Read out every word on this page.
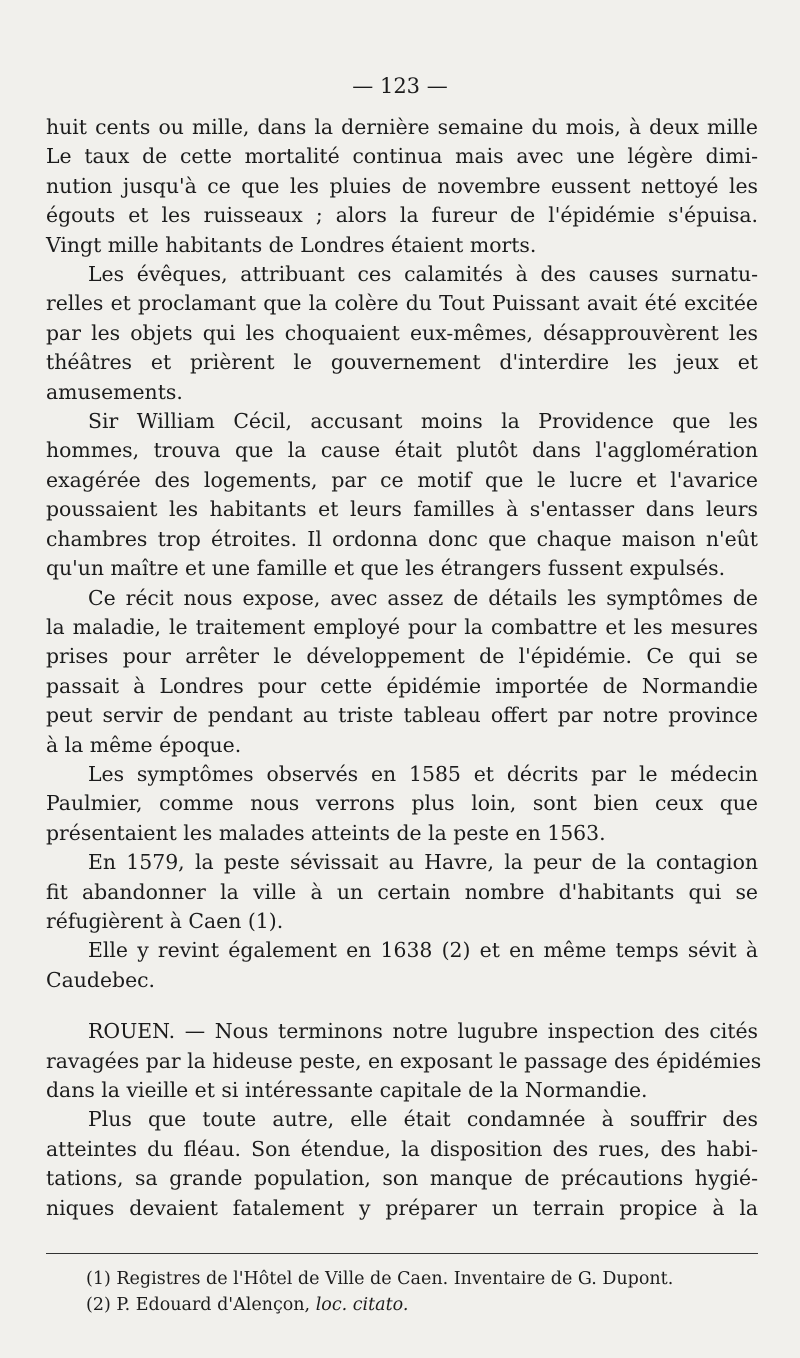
— 123 —

huit cents ou mille, dans la dernière semaine du mois, à deux mille
Le taux de cette mortalité continua mais avec une légère dimi-
nution jusqu'à ce que les pluies de novembre eussent nettoyé les
égouts et les ruisseaux ; alors la fureur de l'épidémie s'épuisa.
Vingt mille habitants de Londres étaient morts.

Les évêques, attribuant ces calamités à des causes surnatu-
relles et proclamant que la colère du Tout Puissant avait été excitée
par les objets qui les choquaient eux-mêmes, désapprouvèrent les
théâtres et prièrent le gouvernement d'interdire les jeux et
amusements.

Sir William Cécil, accusant moins la Providence que les
hommes, trouva que la cause était plutôt dans l'agglomération
exagérée des logements, par ce motif que le lucre et l'avarice
poussaient les habitants et leurs familles à s'entasser dans leurs
chambres trop étroites. Il ordonna donc que chaque maison n'eût
qu'un maître et une famille et que les étrangers fussent expulsés.

Ce récit nous expose, avec assez de détails les symptômes de
la maladie, le traitement employé pour la combattre et les mesures
prises pour arrêter le développement de l'épidémie. Ce qui se
passait à Londres pour cette épidémie importée de Normandie
peut servir de pendant au triste tableau offert par notre province
à la même époque.

Les symptômes observés en 1585 et décrits par le médecin
Paulmier, comme nous verrons plus loin, sont bien ceux que
présentaient les malades atteints de la peste en 1563.

En 1579, la peste sévissait au Havre, la peur de la contagion
fit abandonner la ville à un certain nombre d'habitants qui se
réfugièrent à Caen (1).

Elle y revint également en 1638 (2) et en même temps sévit à
Caudebec.

ROUEN. — Nous terminons notre lugubre inspection des cités
ravagées par la hideuse peste, en exposant le passage des épidémies
dans la vieille et si intéressante capitale de la Normandie.

Plus que toute autre, elle était condamnée à souffrir des
atteintes du fléau. Son étendue, la disposition des rues, des habi-
tations, sa grande population, son manque de précautions hygié-
niques devaient fatalement y préparer un terrain propice à la

(1) Registres de l'Hôtel de Ville de Caen. Inventaire de G. Dupont.
(2) P. Edouard d'Alençon, loc. citato.
